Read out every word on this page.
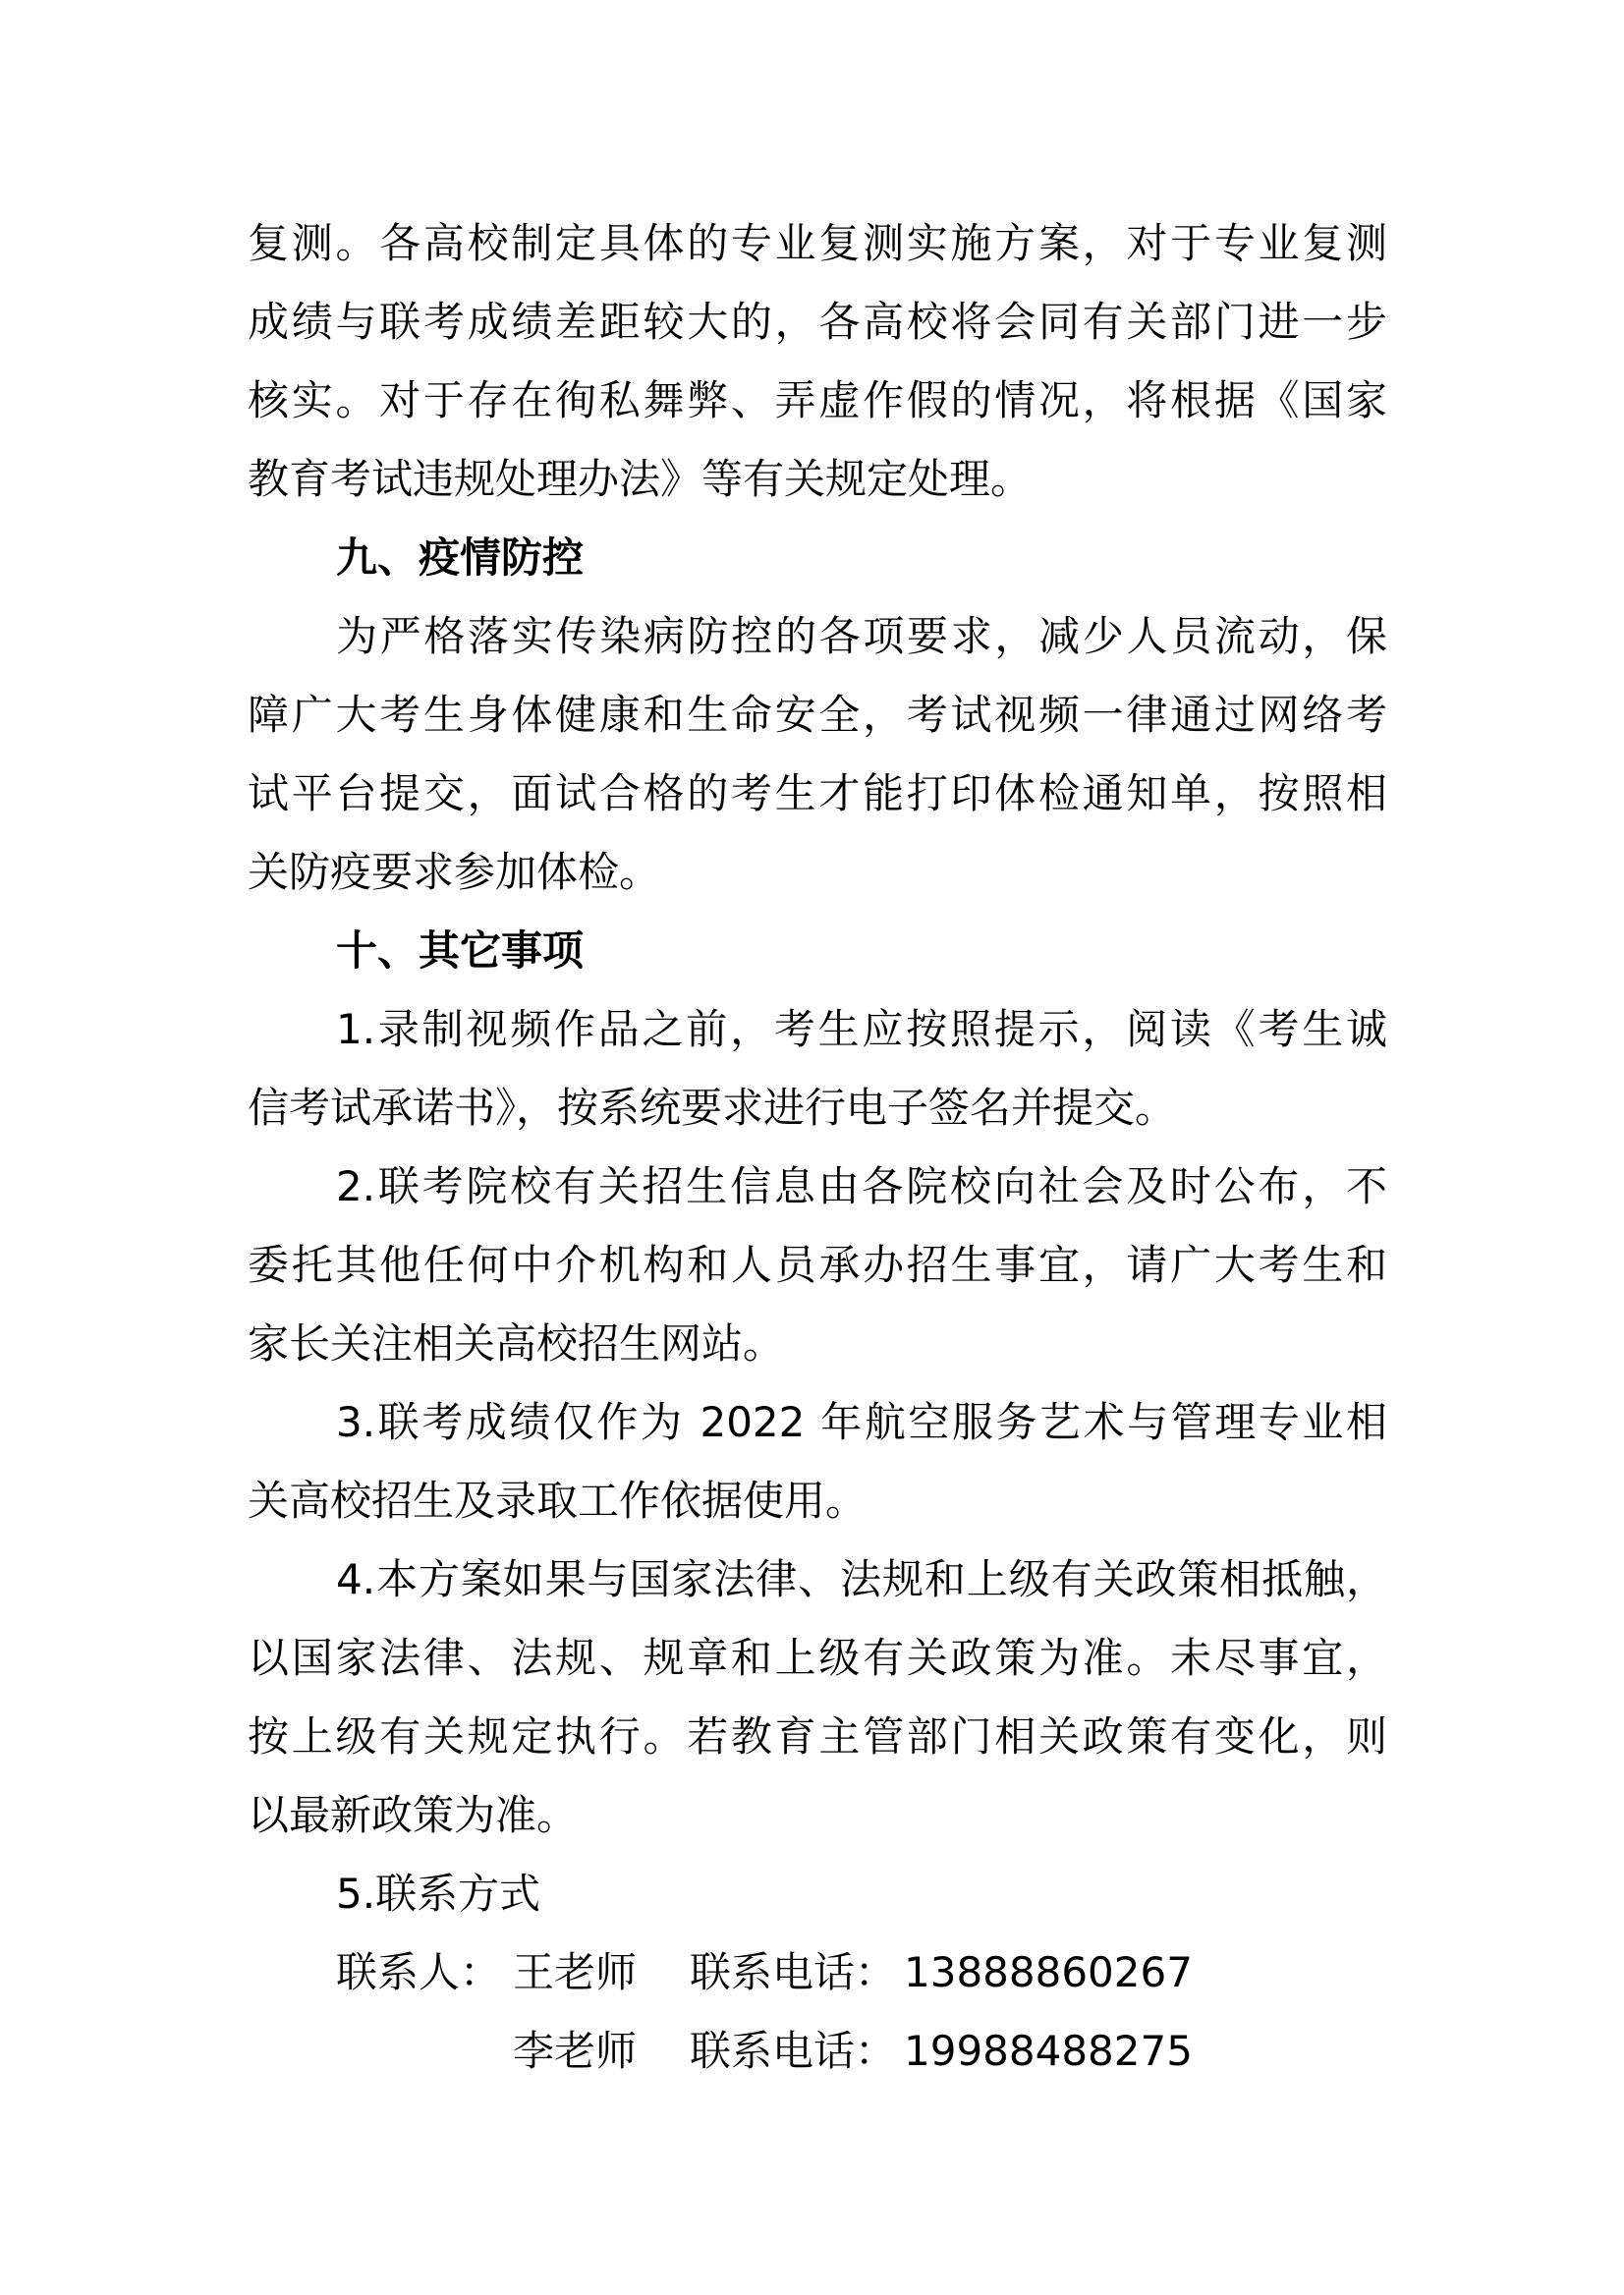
复测。各高校制定具体的专业复测实施方案，对于专业复测
成绩与联考成绩差距较大的，各高校将会同有关部门进一步
核实。对于存在徇私舞弊、弄虚作假的情况，将根据《国家
教育考试违规处理办法》等有关规定处理。
九、疫情防控
为严格落实传染病防控的各项要求，减少人员流动，保
障广大考生身体健康和生命安全，考试视频一律通过网络考
试平台提交，面试合格的考生才能打印体检通知单，按照相
关防疫要求参加体检。
十、其它事项
1.录制视频作品之前，考生应按照提示，阅读《考生诚
信考试承诺书》，按系统要求进行电子签名并提交。
2.联考院校有关招生信息由各院校向社会及时公布，不
委托其他任何中介机构和人员承办招生事宜，请广大考生和
家长关注相关高校招生网站。
3.联考成绩仅作为 2022 年航空服务艺术与管理专业相
关高校招生及录取工作依据使用。
4.本方案如果与国家法律、法规和上级有关政策相抵触，
以国家法律、法规、规章和上级有关政策为准。未尽事宜，
按上级有关规定执行。若教育主管部门相关政策有变化，则
以最新政策为准。
5.联系方式
联系人： 王老师 联系电话： 13888860267
李老师 联系电话： 19988488275
